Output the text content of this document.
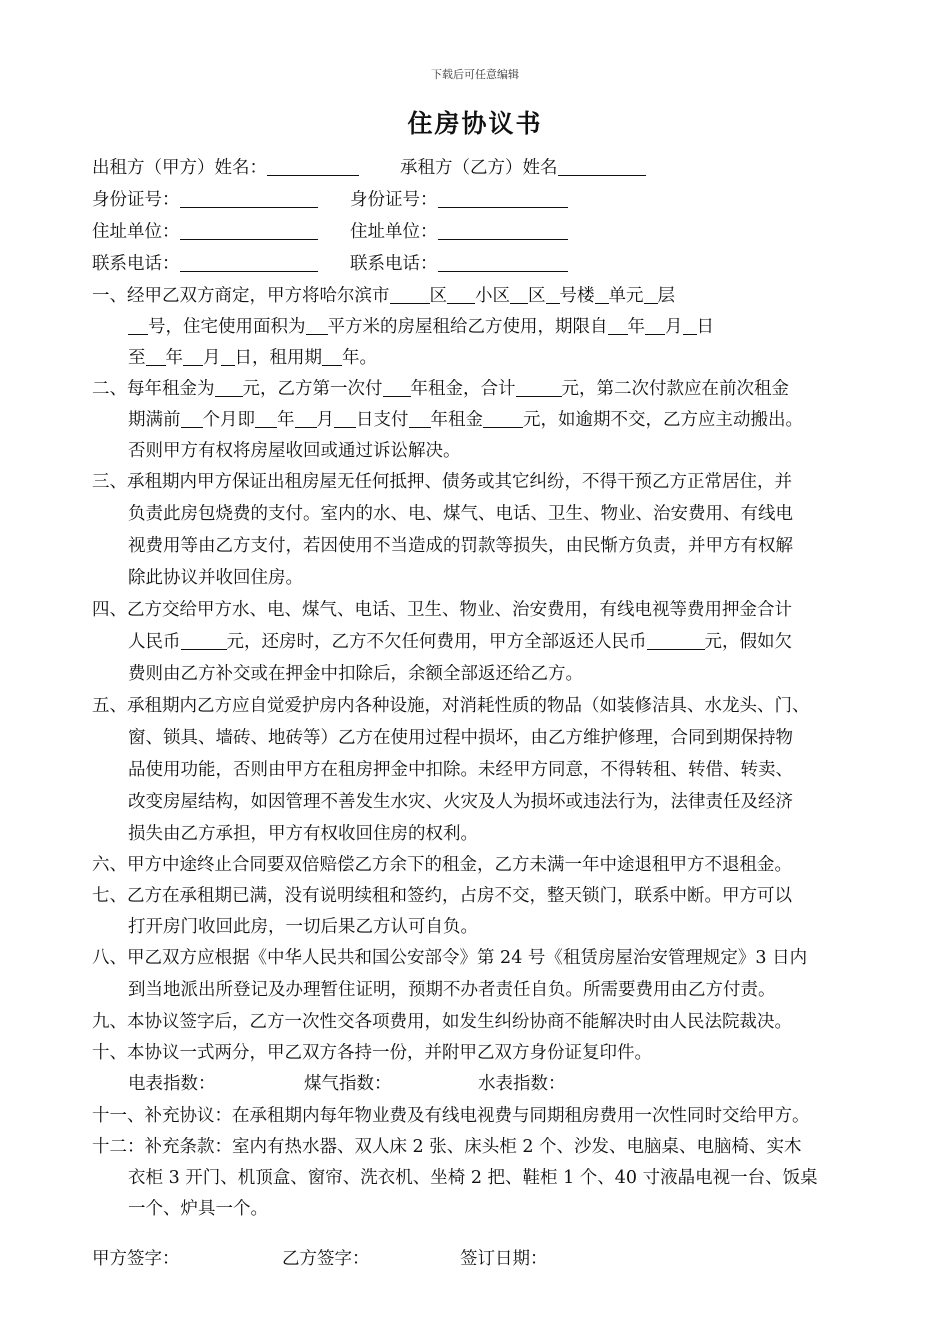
下载后可任意编辑
住房协议书
出租方（甲方）姓名：	承租方（乙方）姓名
身份证号：	身份证号：
住址单位：	住址单位：
联系电话：	联系电话：
一、经甲乙双方商定，甲方将哈尔滨市 区 小区 区 号楼 单元 层
号，住宅使用面积为 平方米的房屋租给乙方使用，期限自 年 月 日
至 年 月 日，租用期 年。
二、每年租金为 元，乙方第一次付 年租金，合计	元，第二次付款应在前次租金
期满前 个月即 年 月 日支付 年租金 元，如逾期不交，乙方应主动搬出。
否则甲方有权将房屋收回或通过诉讼解决。
三、承租期内甲方保证出租房屋无任何抵押、债务或其它纠纷，不得干预乙方正常居住，并
负责此房包烧费的支付。室内的水、电、煤气、电话、卫生、物业、治安费用、有线电
视费用等由乙方支付，若因使用不当造成的罚款等损失，由民惭方负责，并甲方有权解
除此协议并收回住房。
四、乙方交给甲方水、电、煤气、电话、卫生、物业、治安费用，有线电视等费用押金合计
人民币	元，还房时，乙方不欠任何费用，甲方全部返还人民币	元，假如欠
费则由乙方补交或在押金中扣除后，余额全部返还给乙方。
五、承租期内乙方应自觉爱护房内各种设施，对消耗性质的物品（如装修洁具、水龙头、门、
窗、锁具、墙砖、地砖等）乙方在使用过程中损坏，由乙方维护修理，合同到期保持物
品使用功能，否则由甲方在租房押金中扣除。未经甲方同意，不得转租、转借、转卖、
改变房屋结构，如因管理不善发生水灾、火灾及人为损坏或违法行为，法律责任及经济
损失由乙方承担，甲方有权收回住房的权利。
六、甲方中途终止合同要双倍赔偿乙方余下的租金，乙方未满一年中途退租甲方不退租金。
七、乙方在承租期已满，没有说明续租和签约，占房不交，整天锁门，联系中断。甲方可以
打开房门收回此房，一切后果乙方认可自负。
八、甲乙双方应根据《中华人民共和国公安部令》第 24 号《租赁房屋治安管理规定》3 日内
到当地派出所登记及办理暂住证明，预期不办者责任自负。所需要费用由乙方付责。
九、本协议签字后，乙方一次性交各项费用，如发生纠纷协商不能解决时由人民法院裁决。
十、本协议一式两分，甲乙双方各持一份，并附甲乙双方身份证复印件。
电表指数：	煤气指数：	水表指数：
十一、补充协议：在承租期内每年物业费及有线电视费与同期租房费用一次性同时交给甲方。
十二：补充条款：室内有热水器、双人床 2 张、床头柜 2 个、沙发、电脑桌、电脑椅、实木
衣柜 3 开门、机顶盒、窗帘、洗衣机、坐椅 2 把、鞋柜 1 个、40 寸液晶电视一台、饭桌
一个、炉具一个。
甲方签字：	乙方签字：	签订日期：
